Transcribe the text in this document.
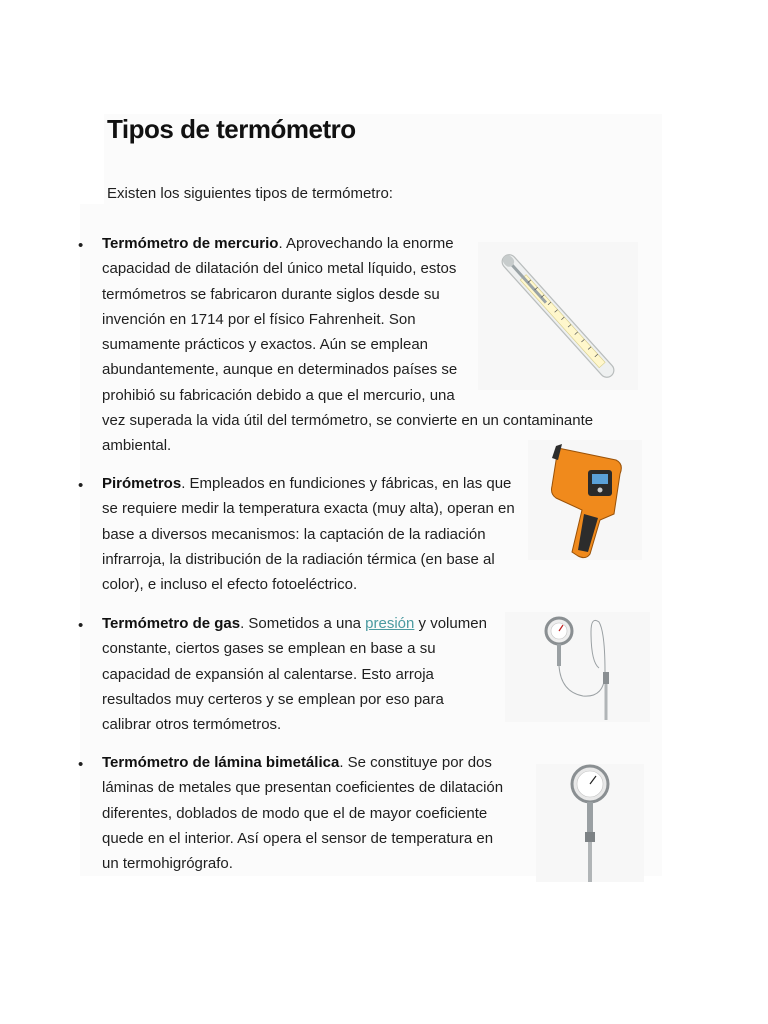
Tipos de termómetro

Existen los siguientes tipos de termómetro:

• Termómetro de mercurio. Aprovechando la enorme
capacidad de dilatación del único metal líquido, estos
termómetros se fabricaron durante siglos desde su
invención en 1714 por el físico Fahrenheit. Son
sumamente prácticos y exactos. Aún se emplean
abundantemente, aunque en determinados países se
prohibió su fabricación debido a que el mercurio, una
vez superada la vida útil del termómetro, se convierte en un contaminante
ambiental.

• Pirómetros. Empleados en fundiciones y fábricas, en las que
se requiere medir la temperatura exacta (muy alta), operan en
base a diversos mecanismos: la captación de la radiación
infrarroja, la distribución de la radiación térmica (en base al
color), e incluso el efecto fotoeléctrico.

• Termómetro de gas. Sometidos a una presión y volumen
constante, ciertos gases se emplean en base a su
capacidad de expansión al calentarse. Esto arroja
resultados muy certeros y se emplean por eso para
calibrar otros termómetros.

• Termómetro de lámina bimetálica. Se constituye por dos
láminas de metales que presentan coeficientes de dilatación
diferentes, doblados de modo que el de mayor coeficiente
quede en el interior. Así opera el sensor de temperatura en
un termohigrógrafo.
